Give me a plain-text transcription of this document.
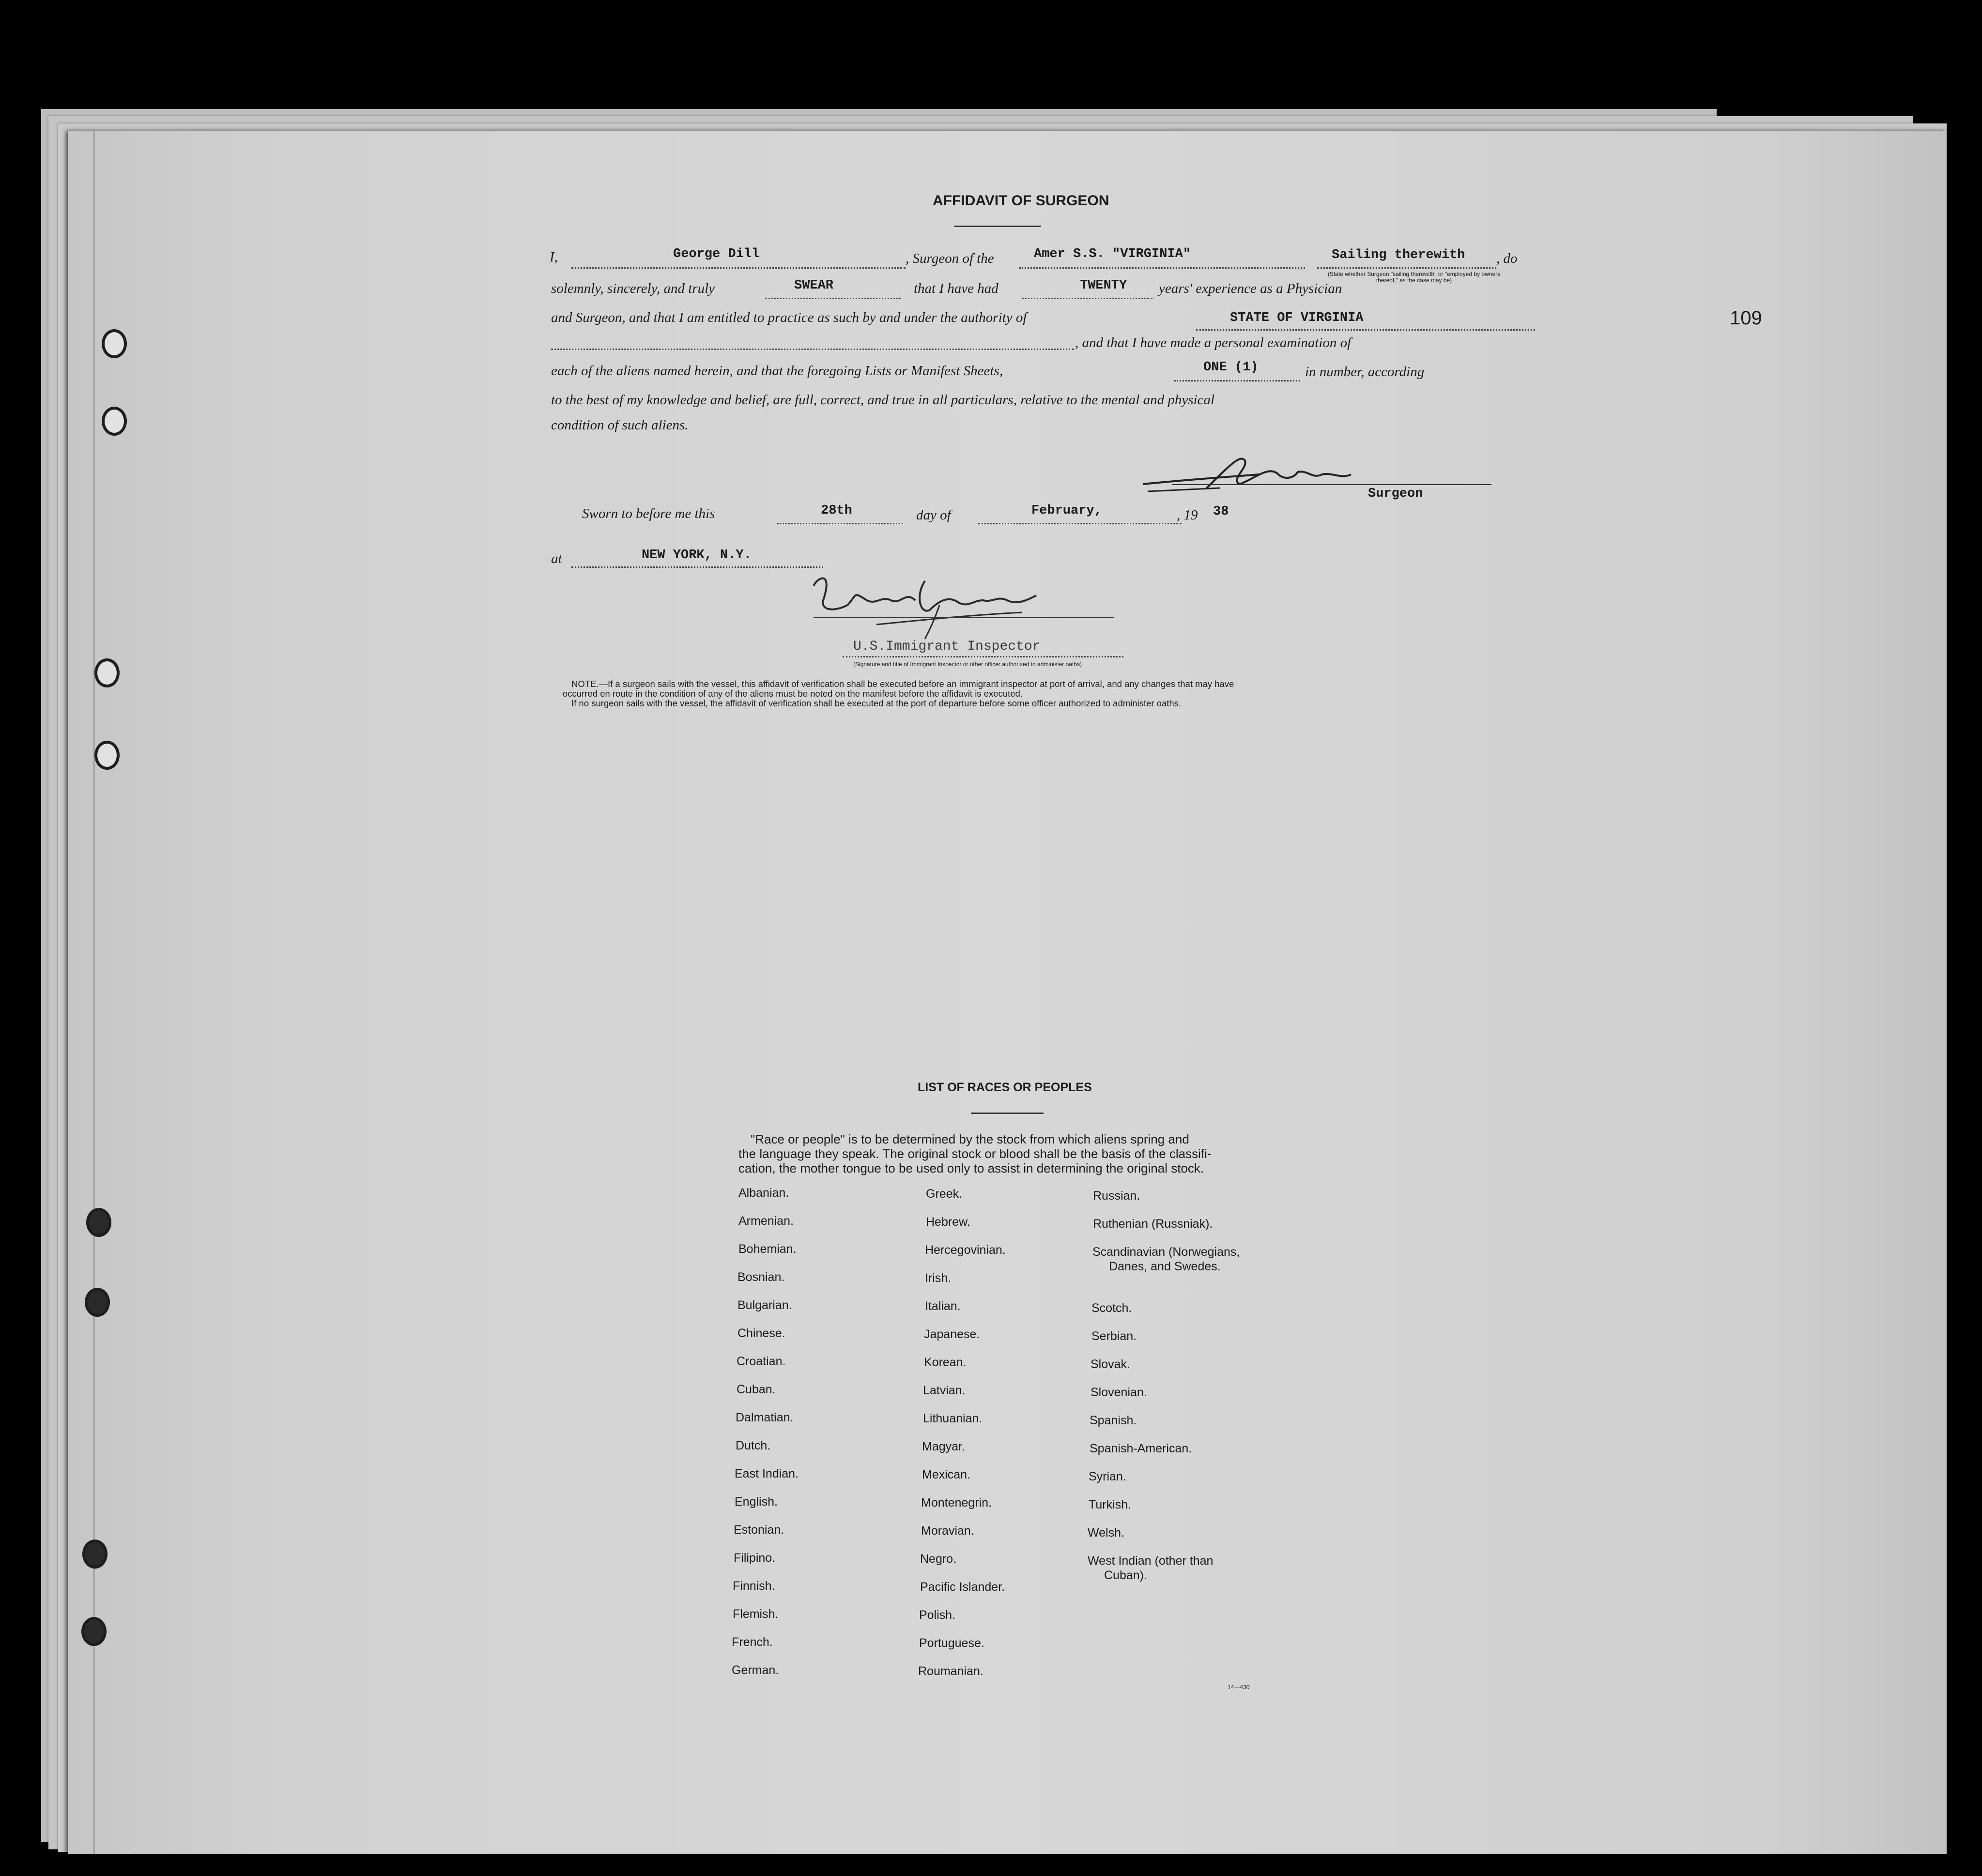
109
AFFIDAVIT OF SURGEON
I,	George Dill	, Surgeon of the	Amer S.S. "VIRGINIA"	Sailing therewith , do
(State whether Surgeon "sailing therewith" or "employed by owners thereof," as the case may be)
solemnly, sincerely, and truly	SWEAR	that I have had	TWENTY years' experience as a Physician
and Surgeon, and that I am entitled to practice as such by and under the authority of	STATE OF VIRGINIA
, and that I have made a personal examination of
each of the aliens named herein, and that the foregoing Lists or Manifest Sheets,	ONE (1)	in number, according
to the best of my knowledge and belief, are full, correct, and true in all particulars, relative to the mental and physical
condition of such aliens.
Surgeon
Sworn to before me this	28th	day of	February,	, 19 38
at	NEW YORK, N.Y.
U.S.Immigrant Inspector
(Signature and title of Immigrant Inspector or other officer authorized to administer oaths)
NOTE.—If a surgeon sails with the vessel, this affidavit of verification shall be executed before an immigrant inspector at port of arrival, and any changes that may have
occurred en route in the condition of any of the aliens must be noted on the manifest before the affidavit is executed.
If no surgeon sails with the vessel, the affidavit of verification shall be executed at the port of departure before some officer authorized to administer oaths.
LIST OF RACES OR PEOPLES
"Race or people" is to be determined by the stock from which aliens spring and
the language they speak. The original stock or blood shall be the basis of the classifi-
cation, the mother tongue to be used only to assist in determining the original stock.
Albanian.
Armenian.
Bohemian.
Bosnian.
Bulgarian.
Chinese.
Croatian.
Cuban.
Dalmatian.
Dutch.
East Indian.
English.
Estonian.
Filipino.
Finnish.
Flemish.
French.
German.
Greek.
Hebrew.
Hercegovinian.
Irish.
Italian.
Japanese.
Korean.
Latvian.
Lithuanian.
Magyar.
Mexican.
Montenegrin.
Moravian.
Negro.
Pacific Islander.
Polish.
Portuguese.
Roumanian.
Russian.
Ruthenian (Russniak).
Scandinavian (Norwegians,
Danes, and Swedes.
Scotch.
Serbian.
Slovak.
Slovenian.
Spanish.
Spanish-American.
Syrian.
Turkish.
Welsh.
West Indian (other than
Cuban).
14—430
